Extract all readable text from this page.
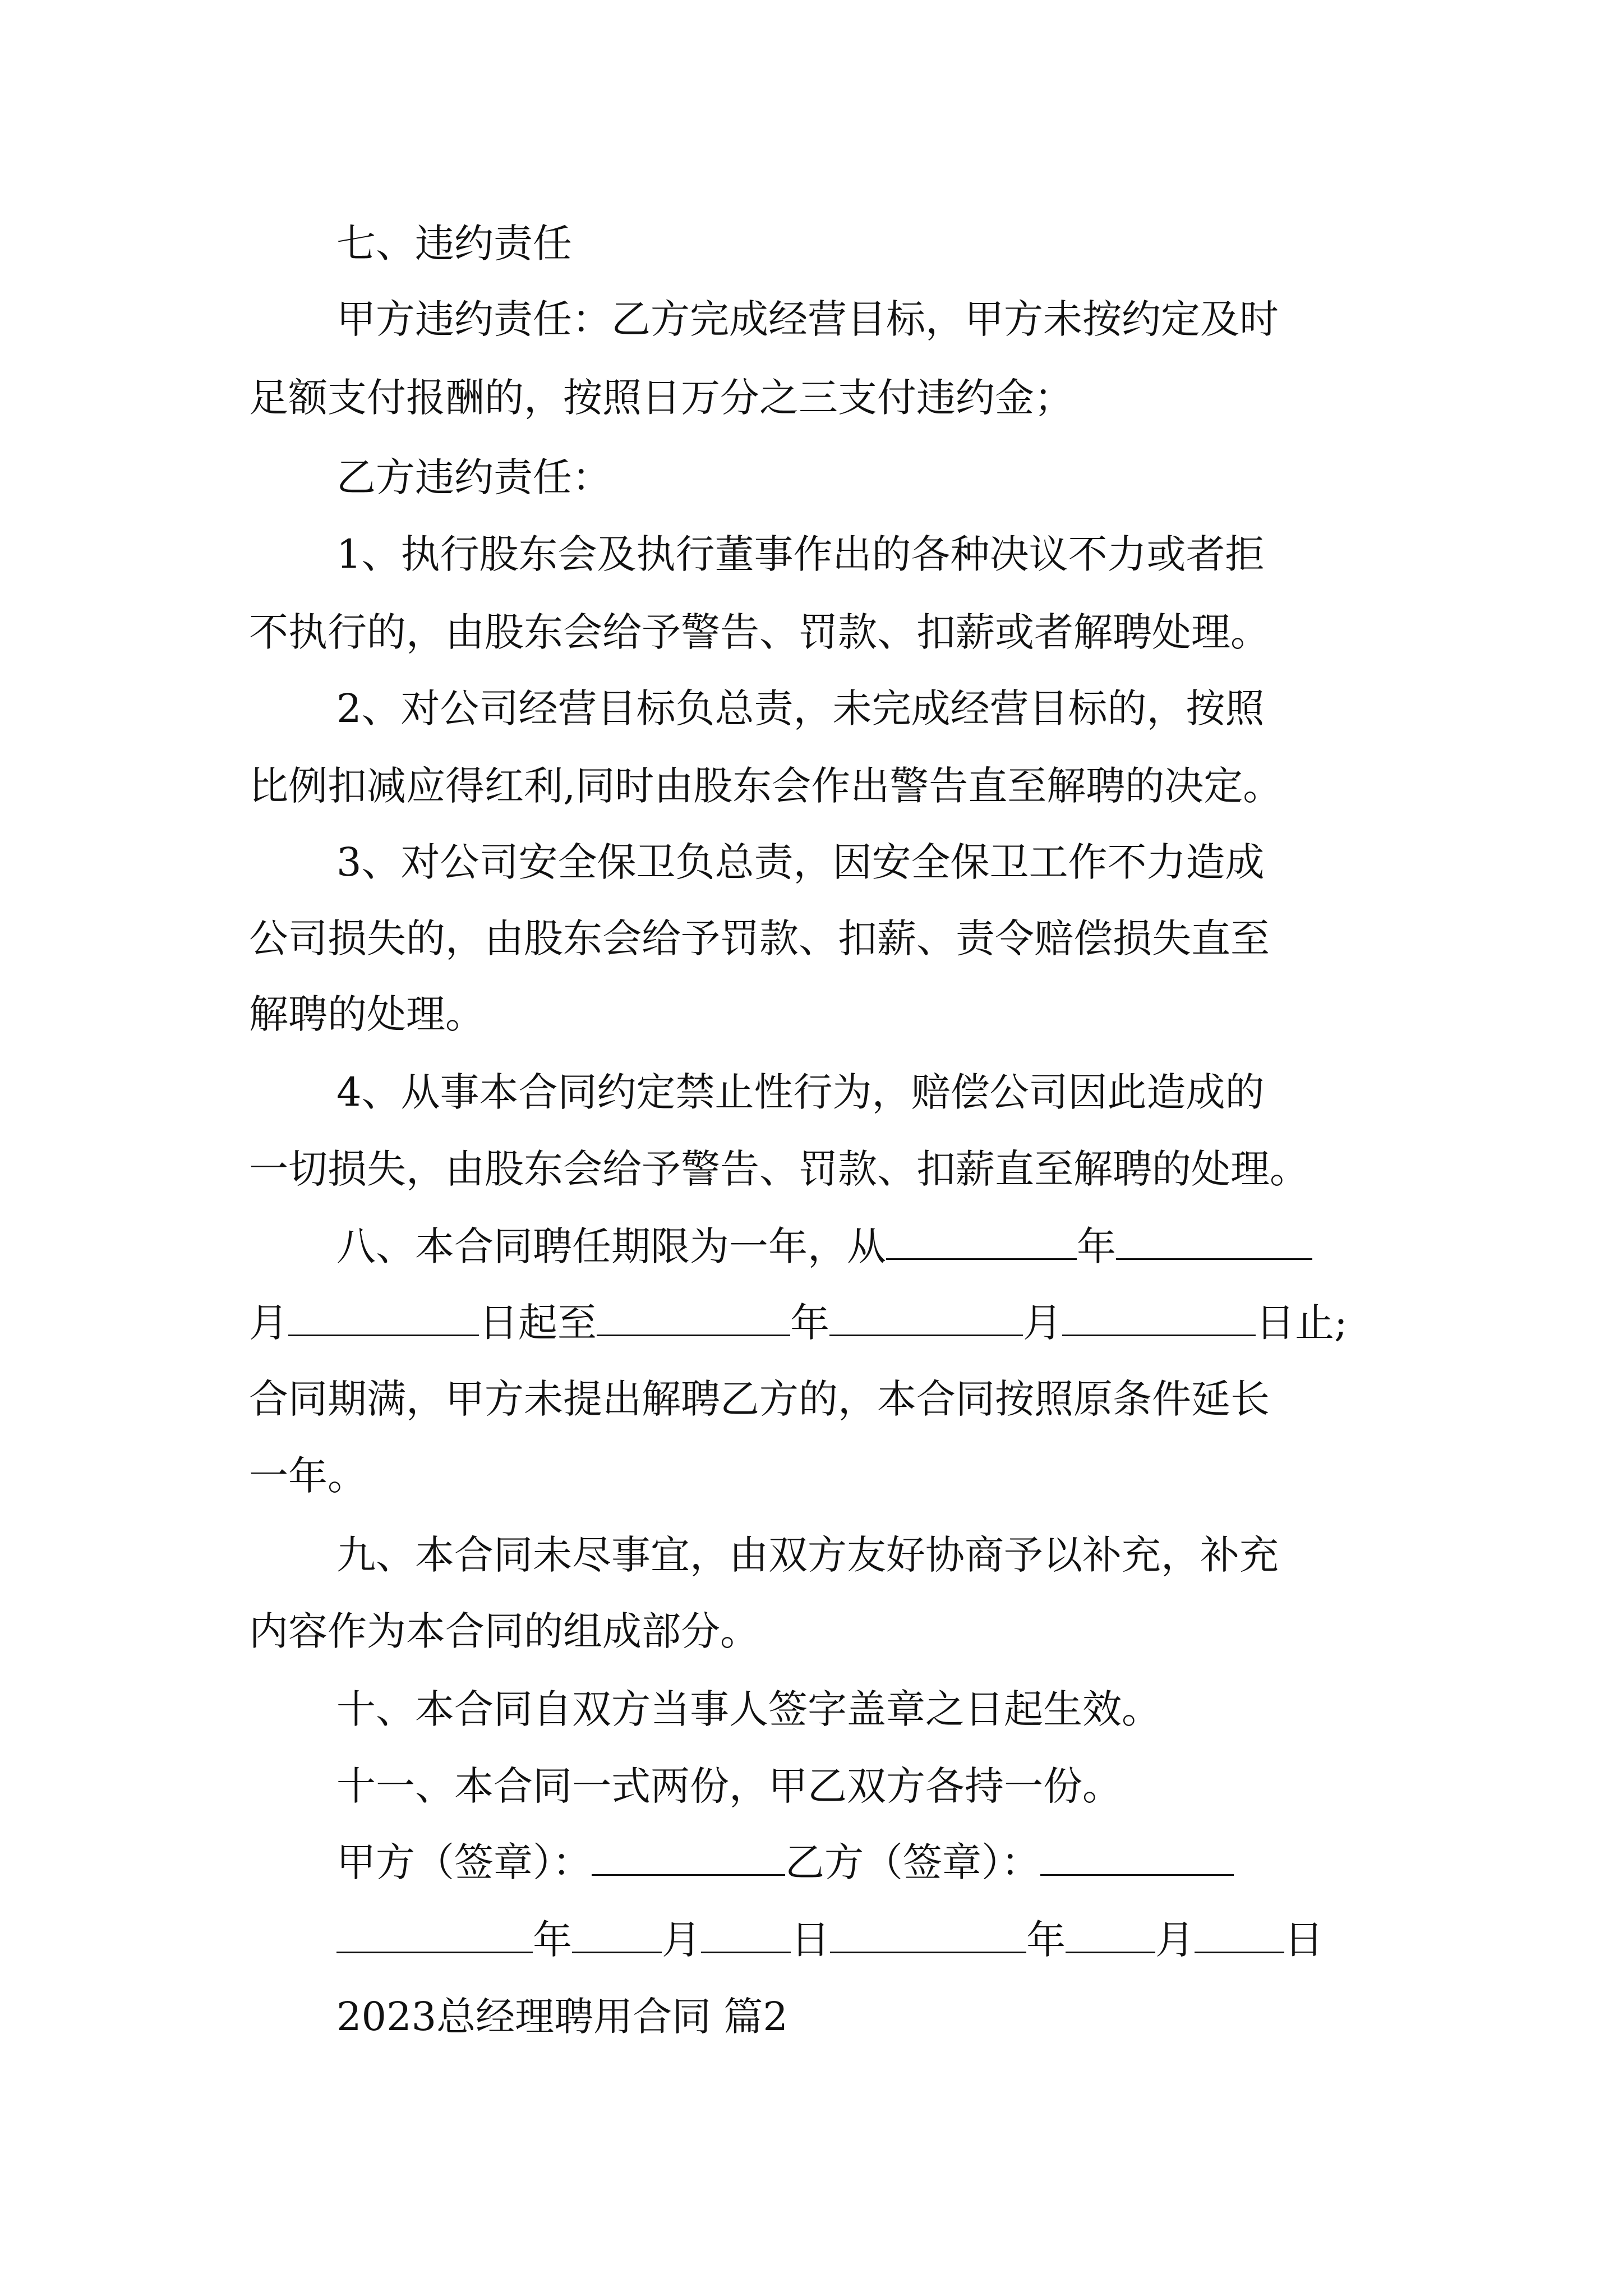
七、违约责任
甲方违约责任：乙方完成经营目标，甲方未按约定及时
足额支付报酬的，按照日万分之三支付违约金；
乙方违约责任：
1、执行股东会及执行董事作出的各种决议不力或者拒
不执行的，由股东会给予警告、罚款、扣薪或者解聘处理。
2、对公司经营目标负总责，未完成经营目标的，按照
比例扣减应得红利,同时由股东会作出警告直至解聘的决定。
3、对公司安全保卫负总责，因安全保卫工作不力造成
公司损失的，由股东会给予罚款、扣薪、责令赔偿损失直至
解聘的处理。
4、从事本合同约定禁止性行为，赔偿公司因此造成的
一切损失，由股东会给予警告、罚款、扣薪直至解聘的处理。
八、本合同聘任期限为一年，从	年
月	日起至	年	月	日止;
合同期满，甲方未提出解聘乙方的，本合同按照原条件延长
一年。
九、本合同未尽事宜，由双方友好协商予以补充，补充
内容作为本合同的组成部分。
十、本合同自双方当事人签字盖章之日起生效。
十一、本合同一式两份，甲乙双方各持一份。
甲方（签章）：	乙方（签章）：
年 月 日	年 月 日
2023总经理聘用合同 篇2
